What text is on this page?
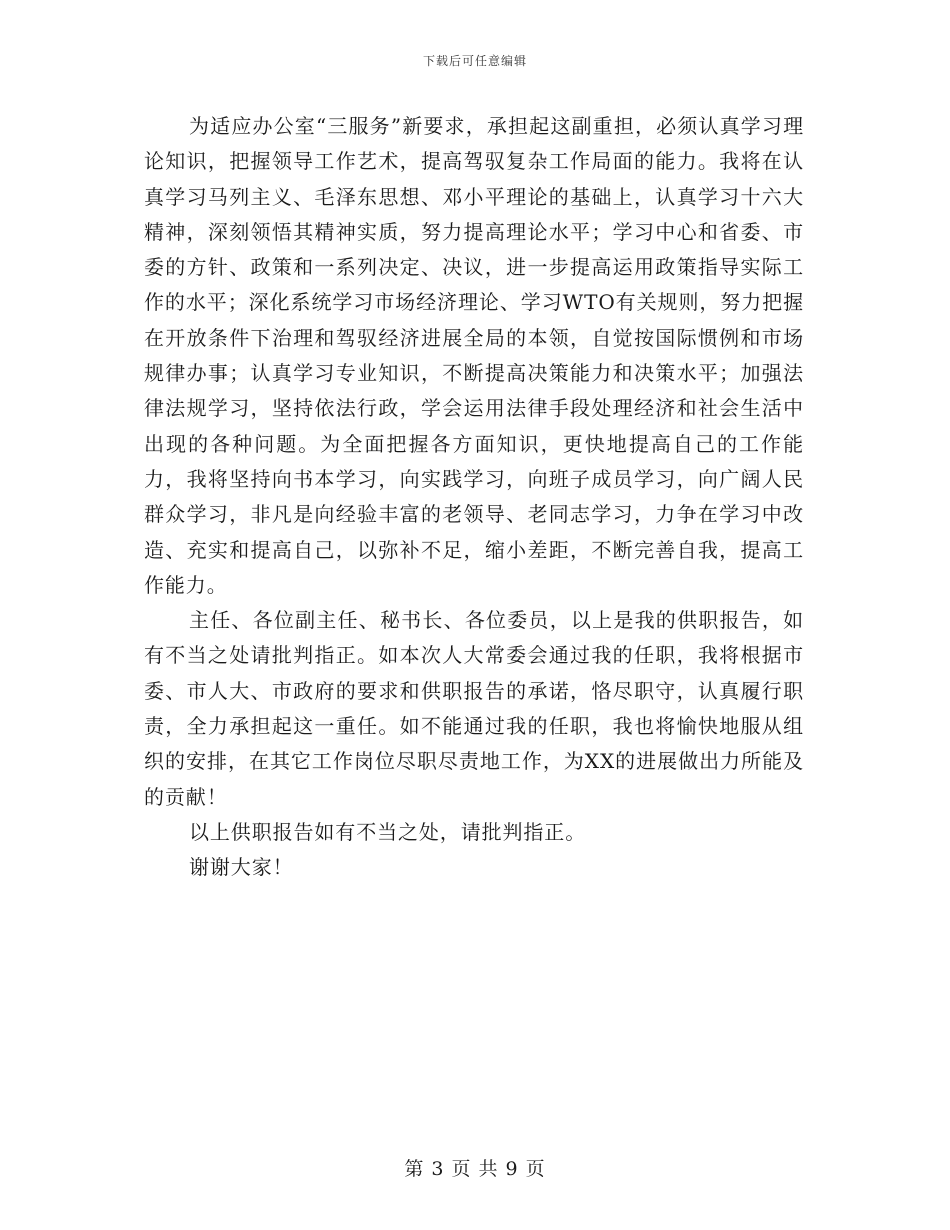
下载后可任意编辑

为适应办公室“三服务”新要求，承担起这副重担，必须认真学习理论知识，把握领导工作艺术，提高驾驭复杂工作局面的能力。我将在认真学习马列主义、毛泽东思想、邓小平理论的基础上，认真学习十六大精神，深刻领悟其精神实质，努力提高理论水平；学习中心和省委、市委的方针、政策和一系列决定、决议，进一步提高运用政策指导实际工作的水平；深化系统学习市场经济理论、学习WTO有关规则，努力把握在开放条件下治理和驾驭经济进展全局的本领，自觉按国际惯例和市场规律办事；认真学习专业知识，不断提高决策能力和决策水平；加强法律法规学习，坚持依法行政，学会运用法律手段处理经济和社会生活中出现的各种问题。为全面把握各方面知识，更快地提高自己的工作能力，我将坚持向书本学习，向实践学习，向班子成员学习，向广阔人民群众学习，非凡是向经验丰富的老领导、老同志学习，力争在学习中改造、充实和提高自己，以弥补不足，缩小差距，不断完善自我，提高工作能力。

主任、各位副主任、秘书长、各位委员，以上是我的供职报告，如有不当之处请批判指正。如本次人大常委会通过我的任职，我将根据市委、市人大、市政府的要求和供职报告的承诺，恪尽职守，认真履行职责，全力承担起这一重任。如不能通过我的任职，我也将愉快地服从组织的安排，在其它工作岗位尽职尽责地工作，为XX的进展做出力所能及的贡献！

以上供职报告如有不当之处，请批判指正。

谢谢大家！

第 3 页 共 9 页
